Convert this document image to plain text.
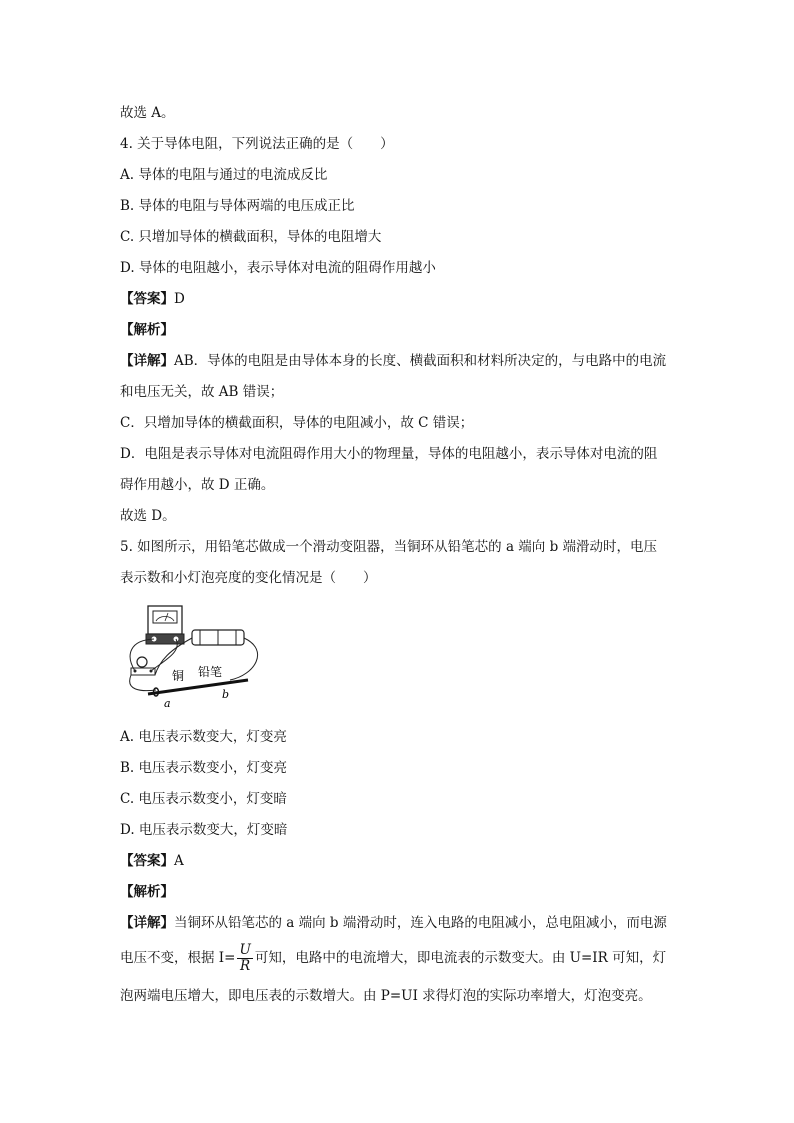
故选 A。
4. 关于导体电阻，下列说法正确的是（　　）
A. 导体的电阻与通过的电流成反比
B. 导体的电阻与导体两端的电压成正比
C. 只增加导体的横截面积，导体的电阻增大
D. 导体的电阻越小，表示导体对电流的阻碍作用越小
【答案】D
【解析】
【详解】AB．导体的电阻是由导体本身的长度、横截面积和材料所决定的，与电路中的电流
和电压无关，故 AB 错误；
C．只增加导体的横截面积，导体的电阻减小，故 C 错误；
D．电阻是表示导体对电流阻碍作用大小的物理量，导体的电阻越小，表示导体对电流的阻
碍作用越小，故 D 正确。
故选 D。
5. 如图所示，用铅笔芯做成一个滑动变阻器，当铜环从铅笔芯的 a 端向 b 端滑动时，电压
表示数和小灯泡亮度的变化情况是（　　）
铜 铅笔
a
b
A. 电压表示数变大，灯变亮
B. 电压表示数变小，灯变亮
C. 电压表示数变小，灯变暗
D. 电压表示数变大，灯变暗
【答案】A
【解析】
【详解】当铜环从铅笔芯的 a 端向 b 端滑动时，连入电路的电阻减小，总电阻减小，而电源
电压不变，根据 $I= \frac{U}{R}$ 可知，电路中的电流增大，即电流表的示数变大。由 U=IR 可知，灯
泡两端电压增大，即电压表的示数增大。由 P=UI 求得灯泡的实际功率增大，灯泡变亮。
